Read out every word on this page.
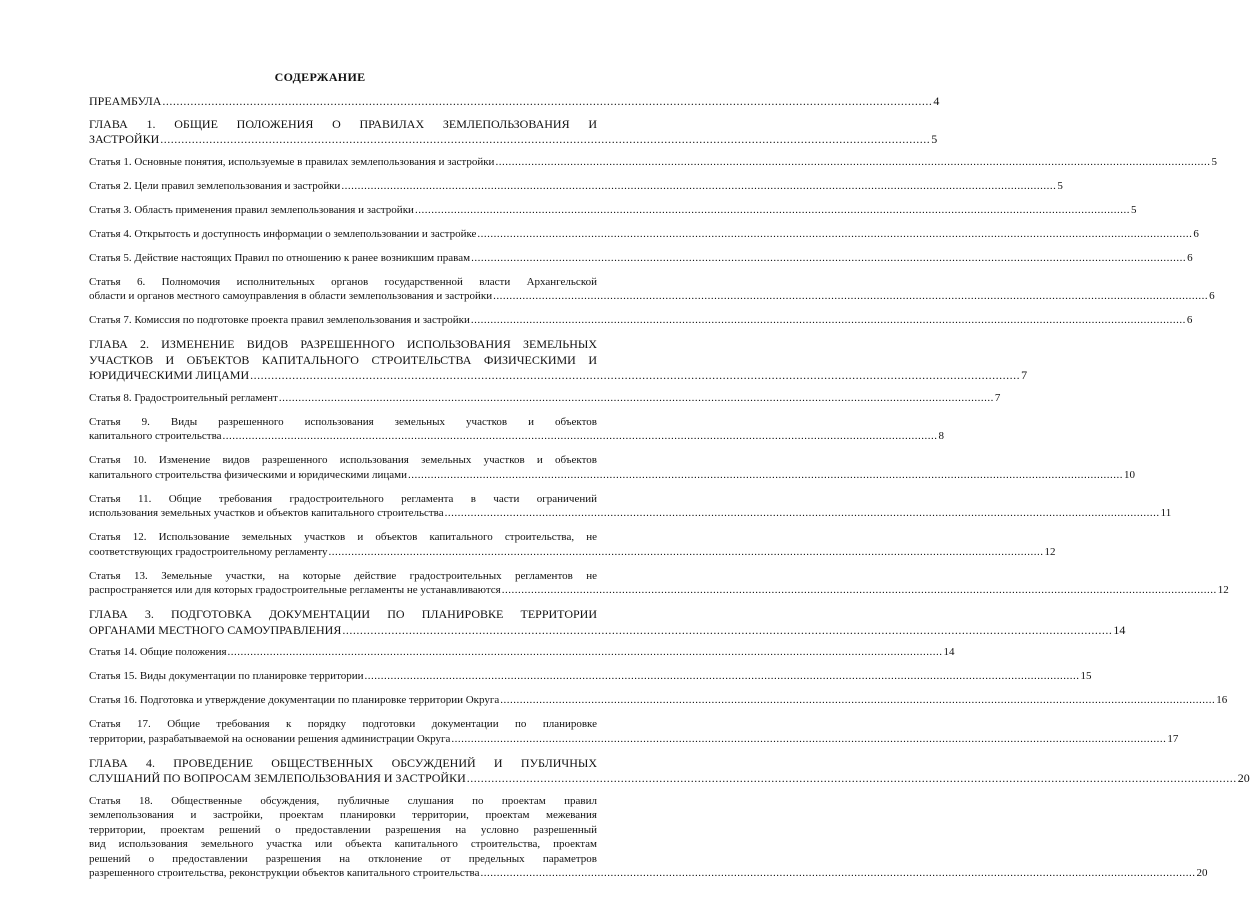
СОДЕРЖАНИЕ
ПРЕАМБУЛА ............................................................................................................................................................................................................................ 4
ГЛАВА 1. ОБЩИЕ ПОЛОЖЕНИЯ О ПРАВИЛАХ ЗЕМЛЕПОЛЬЗОВАНИЯ И
ЗАСТРОЙКИ ............................................................................................................................................................................................................................ 5
Статья 1. Основные понятия, используемые в правилах землепользования и застройки ............................................................................................................................................................................................................................ 5
Статья 2. Цели правил землепользования и застройки ............................................................................................................................................................................................................................ 5
Статья 3. Область применения правил землепользования и застройки ............................................................................................................................................................................................................................ 5
Статья 4. Открытость и доступность информации о землепользовании и застройке ............................................................................................................................................................................................................................ 6
Статья 5. Действие настоящих Правил по отношению к ранее возникшим правам ............................................................................................................................................................................................................................ 6
Статья 6. Полномочия исполнительных органов государственной власти Архангельской
области и органов местного самоуправления в области землепользования и застройки ............................................................................................................................................................................................................................ 6
Статья 7. Комиссия по подготовке проекта правил землепользования и застройки ............................................................................................................................................................................................................................ 6
ГЛАВА 2. ИЗМЕНЕНИЕ ВИДОВ РАЗРЕШЕННОГО ИСПОЛЬЗОВАНИЯ ЗЕМЕЛЬНЫХ
УЧАСТКОВ И ОБЪЕКТОВ КАПИТАЛЬНОГО СТРОИТЕЛЬСТВА ФИЗИЧЕСКИМИ И
ЮРИДИЧЕСКИМИ ЛИЦАМИ ............................................................................................................................................................................................................................ 7
Статья 8. Градостроительный регламент ............................................................................................................................................................................................................................ 7
Статья 9. Виды разрешенного использования земельных участков и объектов
капитального строительства ............................................................................................................................................................................................................................ 8
Статья 10. Изменение видов разрешенного использования земельных участков и объектов
капитального строительства физическими и юридическими лицами ............................................................................................................................................................................................................................ 10
Статья 11. Общие требования градостроительного регламента в части ограничений
использования земельных участков и объектов капитального строительства ............................................................................................................................................................................................................................ 11
Статья 12. Использование земельных участков и объектов капитального строительства, не
соответствующих градостроительному регламенту ............................................................................................................................................................................................................................ 12
Статья 13. Земельные участки, на которые действие градостроительных регламентов не
распространяется или для которых градостроительные регламенты не устанавливаются ............................................................................................................................................................................................................................ 12
ГЛАВА 3. ПОДГОТОВКА ДОКУМЕНТАЦИИ ПО ПЛАНИРОВКЕ ТЕРРИТОРИИ
ОРГАНАМИ МЕСТНОГО САМОУПРАВЛЕНИЯ ............................................................................................................................................................................................................................ 14
Статья 14. Общие положения ............................................................................................................................................................................................................................ 14
Статья 15. Виды документации по планировке территории ............................................................................................................................................................................................................................ 15
Статья 16. Подготовка и утверждение документации по планировке территории Округа ............................................................................................................................................................................................................................ 16
Статья 17. Общие требования к порядку подготовки документации по планировке
территории, разрабатываемой на основании решения администрации Округа ............................................................................................................................................................................................................................ 17
ГЛАВА 4. ПРОВЕДЕНИЕ ОБЩЕСТВЕННЫХ ОБСУЖДЕНИЙ И ПУБЛИЧНЫХ
СЛУШАНИЙ ПО ВОПРОСАМ ЗЕМЛЕПОЛЬЗОВАНИЯ И ЗАСТРОЙКИ ............................................................................................................................................................................................................................ 20
Статья 18. Общественные обсуждения, публичные слушания по проектам правил
землепользования и застройки, проектам планировки территории, проектам межевания
территории, проектам решений о предоставлении разрешения на условно разрешенный
вид использования земельного участка или объекта капитального строительства, проектам
решений о предоставлении разрешения на отклонение от предельных параметров
разрешенного строительства, реконструкции объектов капитального строительства ............................................................................................................................................................................................................................ 20
